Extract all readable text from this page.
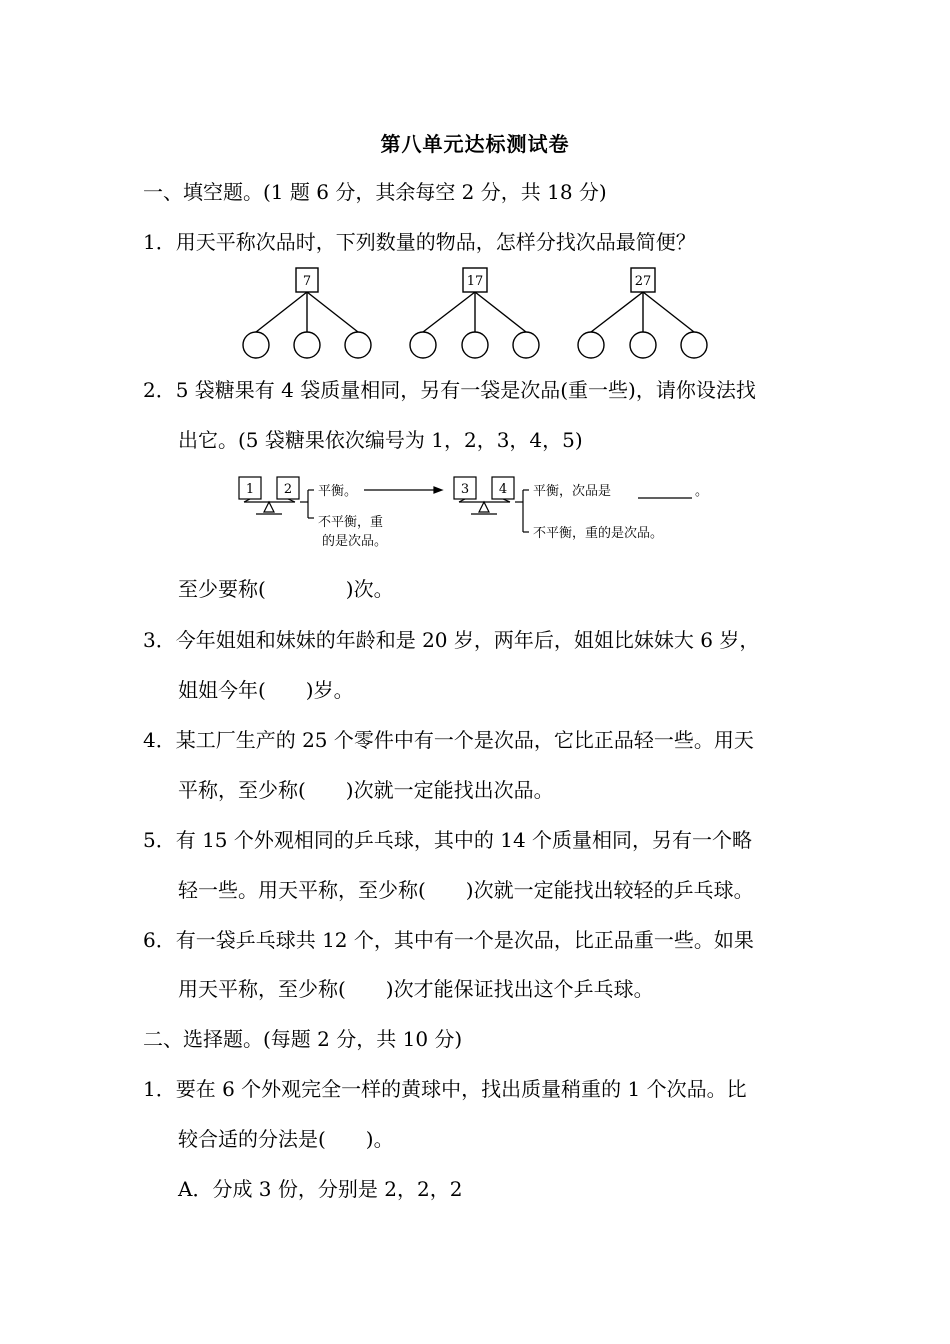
第八单元达标测试卷
一、填空题。(1 题 6 分，其余每空 2 分，共 18 分)
1．用天平称次品时，下列数量的物品，怎样分找次品最简便？
7	17	27
2．5 袋糖果有 4 袋质量相同，另有一袋是次品(重一些)，请你设法找
出它。(5 袋糖果依次编号为 1，2，3，4，5)
1 2	3 4
平衡。
不平衡，重
的是次品。
平衡，次品是	。
不平衡，重的是次品。
至少要称(　　　　)次。
3．今年姐姐和妹妹的年龄和是 20 岁，两年后，姐姐比妹妹大 6 岁，
姐姐今年(　　)岁。
4．某工厂生产的 25 个零件中有一个是次品，它比正品轻一些。用天
平称，至少称(　　)次就一定能找出次品。
5．有 15 个外观相同的乒乓球，其中的 14 个质量相同，另有一个略
轻一些。用天平称，至少称(　　)次就一定能找出较轻的乒乓球。
6．有一袋乒乓球共 12 个，其中有一个是次品，比正品重一些。如果
用天平称，至少称(　　)次才能保证找出这个乒乓球。
二、选择题。(每题 2 分，共 10 分)
1．要在 6 个外观完全一样的黄球中，找出质量稍重的 1 个次品。比
较合适的分法是(　　)。
A．分成 3 份，分别是 2，2，2
